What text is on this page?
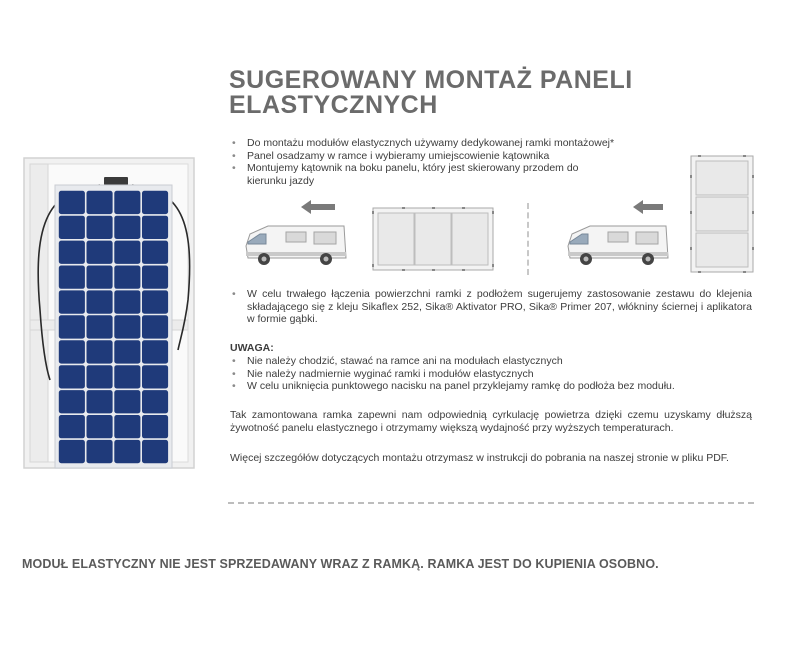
SUGEROWANY MONTAŻ PANELI
ELASTYCZNYCH
• Do montażu modułów elastycznych używamy dedykowanej ramki montażowej*
• Panel osadzamy w ramce i wybieramy umiejscowienie kątownika
• Montujemy kątownik na boku panelu, który jest skierowany przodem do kierunku jazdy
• W celu trwałego łączenia powierzchni ramki z podłożem sugerujemy zastosowanie zestawu do klejenia składającego się z kleju Sikaflex 252, Sika® Aktivator PRO, Sika® Primer 207, włókniny ściernej i aplikatora w formie gąbki.
UWAGA:
• Nie należy chodzić, stawać na ramce ani na modułach elastycznych
• Nie należy nadmiernie wyginać ramki i modułów elastycznych
• W celu uniknięcia punktowego nacisku na panel przyklejamy ramkę do podłoża bez modułu.

Tak zamontowana ramka zapewni nam odpowiednią cyrkulację powietrza dzięki czemu uzyskamy dłuższą żywotność panelu elastycznego i otrzymamy większą wydajność przy wyższych temperaturach.

Więcej szczegółów dotyczących montażu otrzymasz w instrukcji do pobrania na naszej stronie w pliku PDF.

MODUŁ ELASTYCZNY NIE JEST SPRZEDAWANY WRAZ Z RAMKĄ. RAMKA JEST DO KUPIENIA OSOBNO.
